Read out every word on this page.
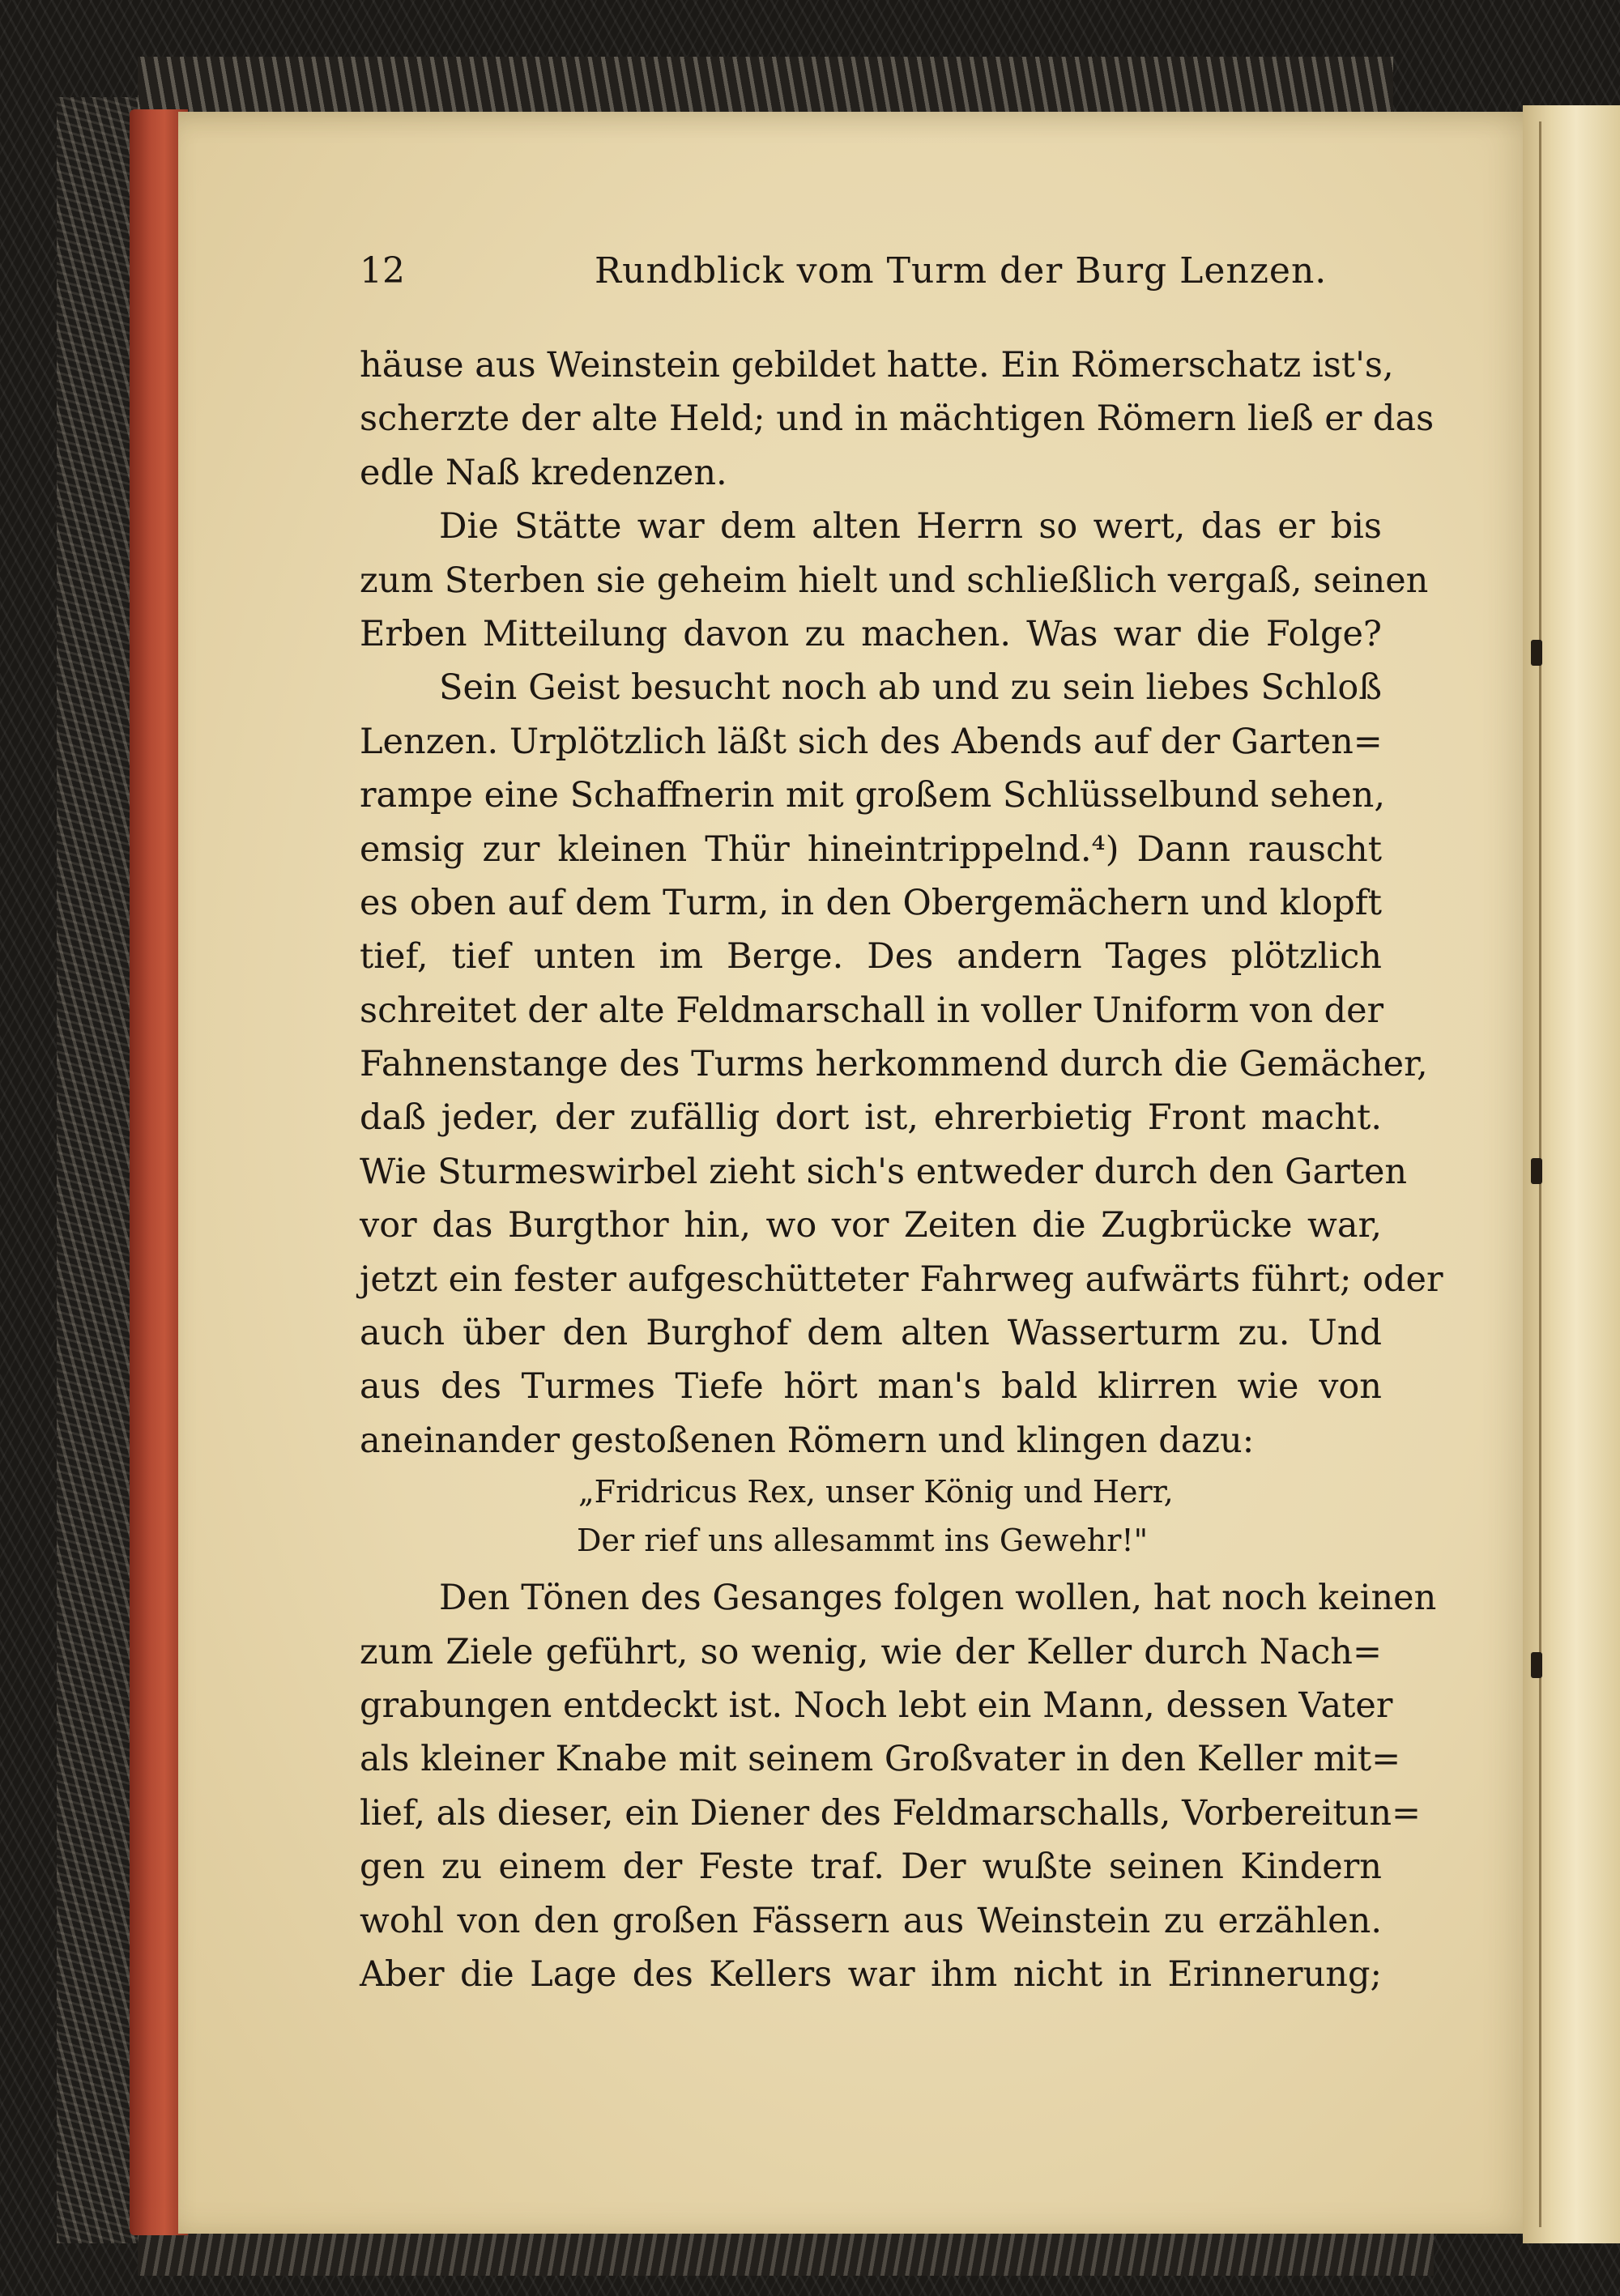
12	Rundblick vom Turm der Burg Lenzen.
häuse aus Weinstein gebildet hatte. Ein Römerschatz ist's,
scherzte der alte Held; und in mächtigen Römern ließ er das
edle Naß kredenzen.
Die Stätte war dem alten Herrn so wert, das er bis
zum Sterben sie geheim hielt und schließlich vergaß, seinen
Erben Mitteilung davon zu machen. Was war die Folge?
Sein Geist besucht noch ab und zu sein liebes Schloß
Lenzen. Urplötzlich läßt sich des Abends auf der Garten=
rampe eine Schaffnerin mit großem Schlüsselbund sehen,
emsig zur kleinen Thür hineintrippelnd.⁴) Dann rauscht
es oben auf dem Turm, in den Obergemächern und klopft
tief, tief unten im Berge. Des andern Tages plötzlich
schreitet der alte Feldmarschall in voller Uniform von der
Fahnenstange des Turms herkommend durch die Gemächer,
daß jeder, der zufällig dort ist, ehrerbietig Front macht.
Wie Sturmeswirbel zieht sich's entweder durch den Garten
vor das Burgthor hin, wo vor Zeiten die Zugbrücke war,
jetzt ein fester aufgeschütteter Fahrweg aufwärts führt; oder
auch über den Burghof dem alten Wasserturm zu. Und
aus des Turmes Tiefe hört man's bald klirren wie von
aneinander gestoßenen Römern und klingen dazu:
„Fridricus Rex, unser König und Herr,
Der rief uns allesammt ins Gewehr!"
Den Tönen des Gesanges folgen wollen, hat noch keinen
zum Ziele geführt, so wenig, wie der Keller durch Nach=
grabungen entdeckt ist. Noch lebt ein Mann, dessen Vater
als kleiner Knabe mit seinem Großvater in den Keller mit=
lief, als dieser, ein Diener des Feldmarschalls, Vorbereitun=
gen zu einem der Feste traf. Der wußte seinen Kindern
wohl von den großen Fässern aus Weinstein zu erzählen.
Aber die Lage des Kellers war ihm nicht in Erinnerung;
